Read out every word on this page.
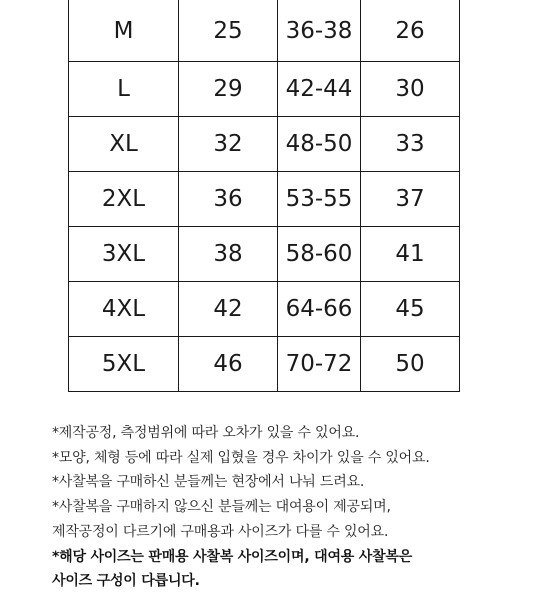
M	25	36-38	26
L	29	42-44	30
XL	32	48-50	33
2XL	36	53-55	37
3XL	38	58-60	41
4XL	42	64-66	45
5XL	46	70-72	50
*제작공정, 측정범위에 따라 오차가 있을 수 있어요.
*모양, 체형 등에 따라 실제 입혔을 경우 차이가 있을 수 있어요.
*사찰복을 구매하신 분들께는 현장에서 나눠 드려요.
*사찰복을 구매하지 않으신 분들께는 대여용이 제공되며,
제작공정이 다르기에 구매용과 사이즈가 다를 수 있어요.
*해당 사이즈는 판매용 사찰복 사이즈이며, 대여용 사찰복은
사이즈 구성이 다릅니다.
